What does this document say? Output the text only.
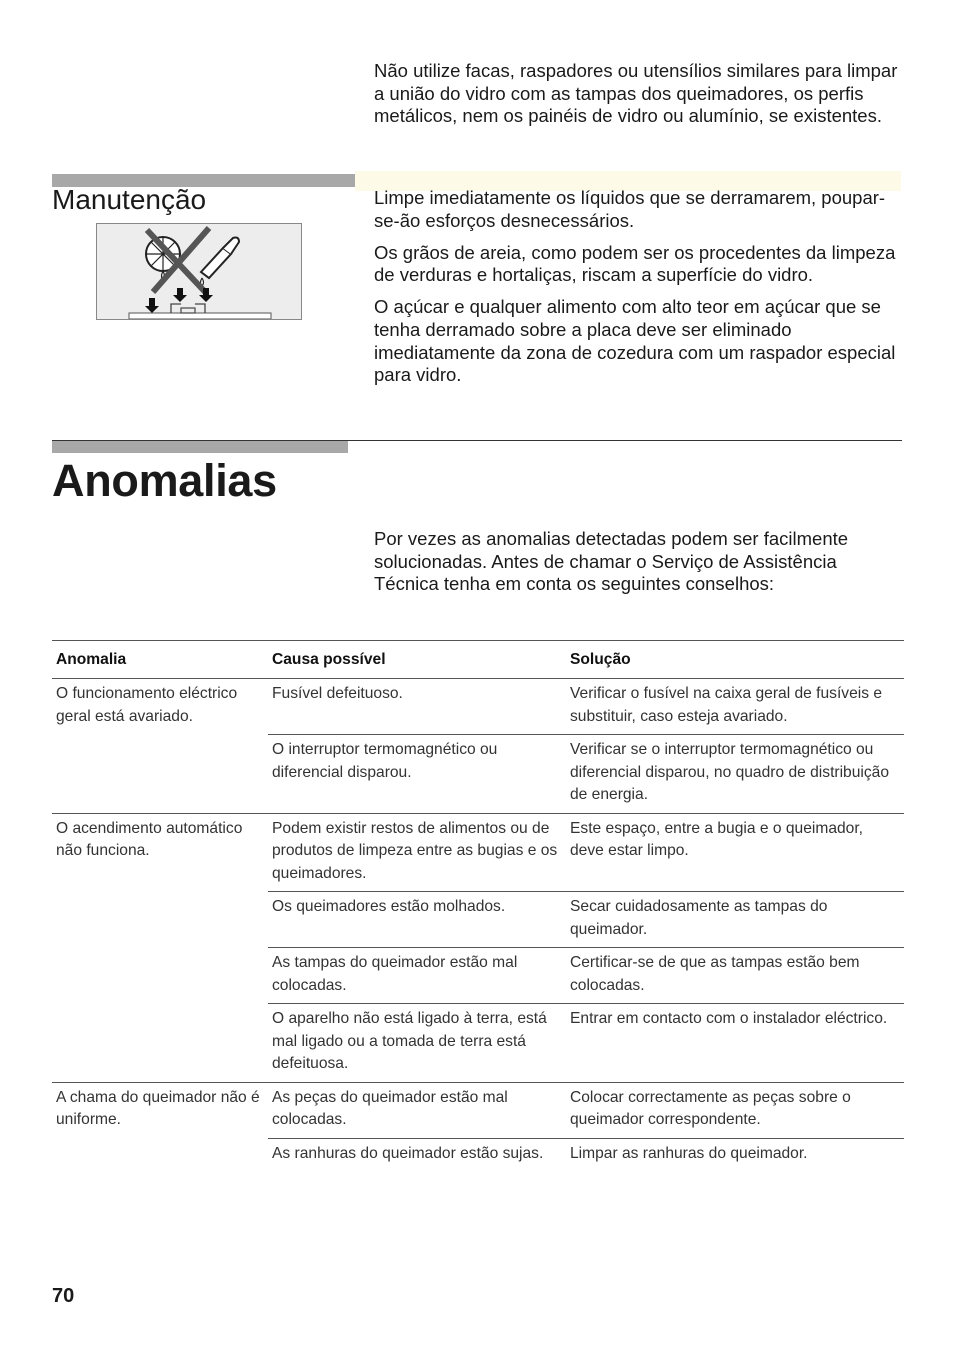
Não utilize facas, raspadores ou utensílios similares para limpar a união do vidro com as tampas dos queimadores, os perfis metálicos, nem os painéis de vidro ou alumínio, se existentes.

Manutenção	Limpe imediatamente os líquidos que se derramarem, poupar-se-ão esforços desnecessários.

Os grãos de areia, como podem ser os procedentes da limpeza de verduras e hortaliças, riscam a superfície do vidro.

O açúcar e qualquer alimento com alto teor em açúcar que se tenha derramado sobre a placa deve ser eliminado imediatamente da zona de cozedura com um raspador especial para vidro.

Anomalias

Por vezes as anomalias detectadas podem ser facilmente solucionadas. Antes de chamar o Serviço de Assistência Técnica tenha em conta os seguintes conselhos:

Anomalia	Causa possível	Solução
O funcionamento eléctrico geral está avariado.	Fusível defeituoso.	Verificar o fusível na caixa geral de fusíveis e substituir, caso esteja avariado.
	O interruptor termomagnético ou diferencial disparou.	Verificar se o interruptor termomagnético ou diferencial disparou, no quadro de distribuição de energia.
O acendimento automático não funciona.	Podem existir restos de alimentos ou de produtos de limpeza entre as bugias e os queimadores.	Este espaço, entre a bugia e o queimador, deve estar limpo.
	Os queimadores estão molhados.	Secar cuidadosamente as tampas do queimador.
	As tampas do queimador estão mal colocadas.	Certificar-se de que as tampas estão bem colocadas.
	O aparelho não está ligado à terra, está mal ligado ou a tomada de terra está defeituosa.	Entrar em contacto com o instalador eléctrico.
A chama do queimador não é uniforme.	As peças do queimador estão mal colocadas.	Colocar correctamente as peças sobre o queimador correspondente.
	As ranhuras do queimador estão sujas.	Limpar as ranhuras do queimador.
70
